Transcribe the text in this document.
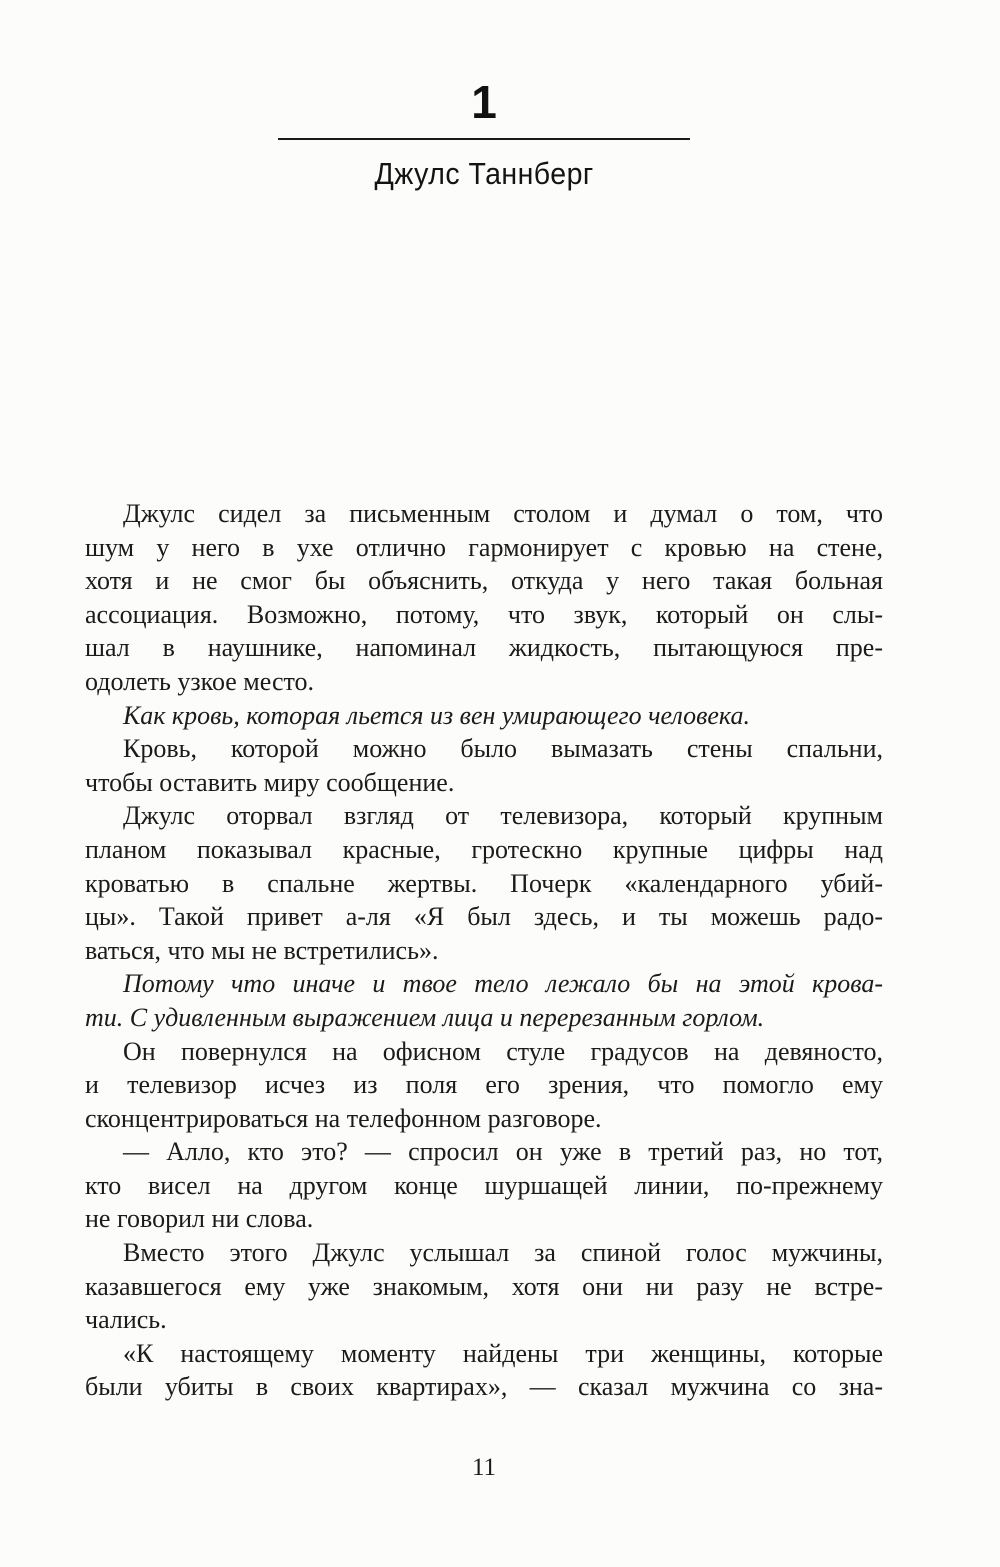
1
Джулс Таннберг
Джулс сидел за письменным столом и думал о том, что
шум у него в ухе отлично гармонирует с кровью на стене,
хотя и не смог бы объяснить, откуда у него такая больная
ассоциация. Возможно, потому, что звук, который он слы-
шал в наушнике, напоминал жидкость, пытающуюся пре-
одолеть узкое место.
Как кровь, которая льется из вен умирающего человека.
Кровь, которой можно было вымазать стены спальни,
чтобы оставить миру сообщение.
Джулс оторвал взгляд от телевизора, который крупным
планом показывал красные, гротескно крупные цифры над
кроватью в спальне жертвы. Почерк «календарного убий-
цы». Такой привет а-ля «Я был здесь, и ты можешь радо-
ваться, что мы не встретились».
Потому что иначе и твое тело лежало бы на этой крова-
ти. С удивленным выражением лица и перерезанным горлом.
Он повернулся на офисном стуле градусов на девяносто,
и телевизор исчез из поля его зрения, что помогло ему
сконцентрироваться на телефонном разговоре.
— Алло, кто это? — спросил он уже в третий раз, но тот,
кто висел на другом конце шуршащей линии, по-прежнему
не говорил ни слова.
Вместо этого Джулс услышал за спиной голос мужчины,
казавшегося ему уже знакомым, хотя они ни разу не встре-
чались.
«К настоящему моменту найдены три женщины, которые
были убиты в своих квартирах», — сказал мужчина со зна-
11
